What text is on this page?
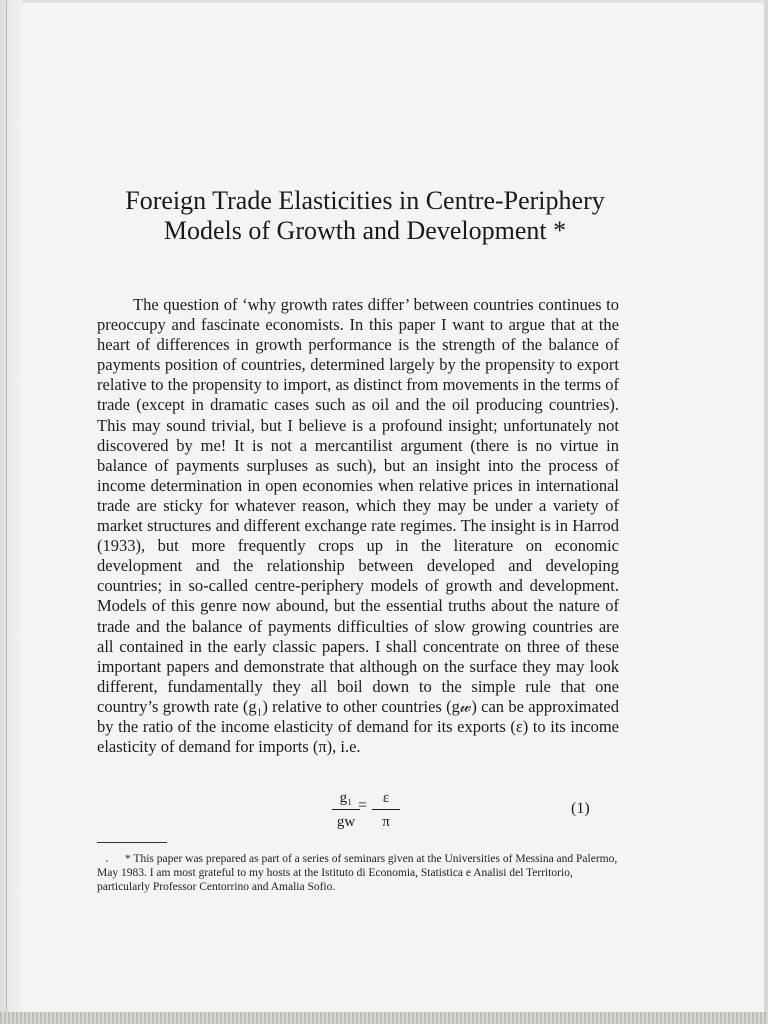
Foreign Trade Elasticities in Centre-Periphery
Models of Growth and Development *

The question of ‘why growth rates differ’ between countries continues to preoccupy and fascinate economists. In this paper I want to argue that at the heart of differences in growth performance is the strength of the balance of payments position of countries, determined largely by the propensity to export relative to the propensity to import, as distinct from movements in the terms of trade (except in dramatic cases such as oil and the oil producing countries). This may sound trivial, but I believe is a profound insight; unfortunately not discovered by me! It is not a mercantilist argument (there is no virtue in balance of payments surpluses as such), but an insight into the process of income determination in open economies when relative prices in international trade are sticky for whatever reason, which they may be under a variety of market structures and different exchange rate regimes. The insight is in Harrod (1933), but more frequently crops up in the literature on economic development and the relationship between developed and developing countries; in so-called centre-periphery models of growth and development. Models of this genre now abound, but the essential truths about the nature of trade and the balance of payments difficulties of slow growing countries are all contained in the early classic papers. I shall concentrate on three of these important papers and demonstrate that although on the surface they may look different, fundamentally they all boil down to the simple rule that one country’s growth rate (g₁) relative to other countries (g𝓌) can be approximated by the ratio of the income elasticity of demand for its exports (ε) to its income elasticity of demand for imports (π), i.e.

g₁
gw
=	ε
π
(1)

* This paper was prepared as part of a series of seminars given at the Universities of Messina and Palermo, May 1983. I am most grateful to my hosts at the Istituto di Economia, Statistica e Analisi del Territorio, particularly Professor Centorrino and Amalia Sofio.
